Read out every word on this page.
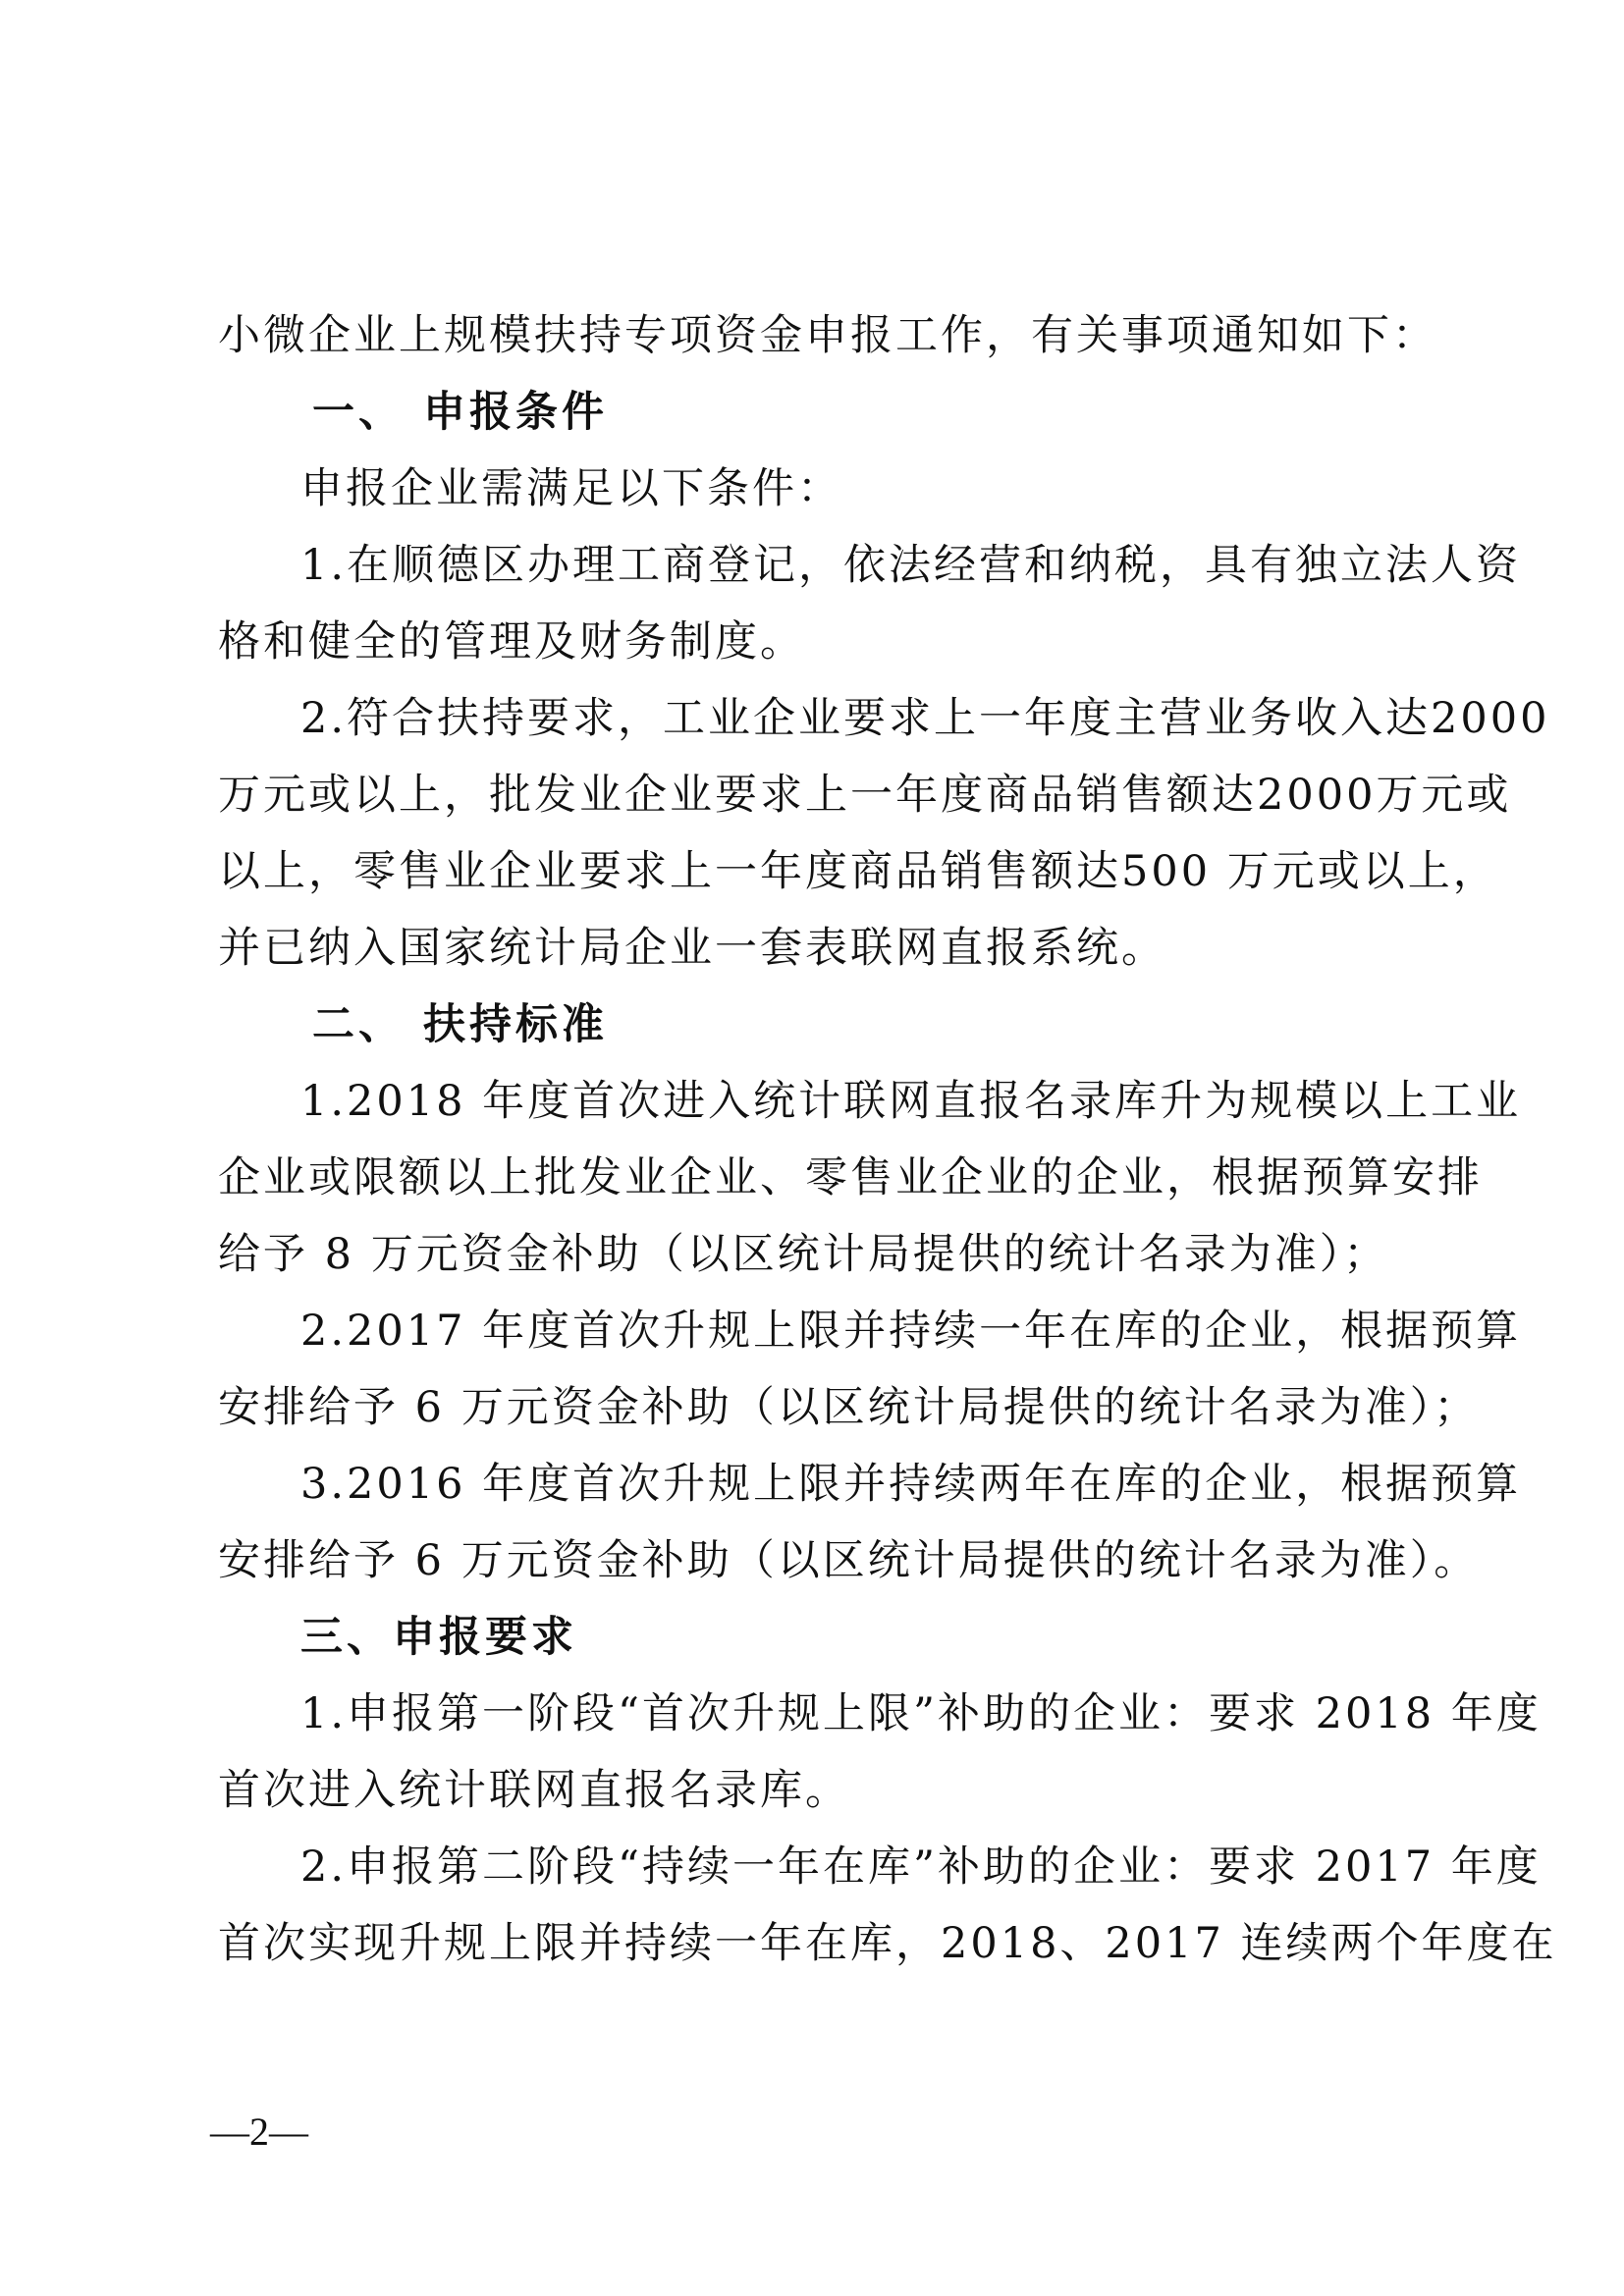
小微企业上规模扶持专项资金申报工作，有关事项通知如下：
一、 申报条件
申报企业需满足以下条件：
1.在顺德区办理工商登记，依法经营和纳税，具有独立法人资
格和健全的管理及财务制度。
2.符合扶持要求，工业企业要求上一年度主营业务收入达2000
万元或以上，批发业企业要求上一年度商品销售额达2000万元或
以上，零售业企业要求上一年度商品销售额达500 万元或以上，
并已纳入国家统计局企业一套表联网直报系统。
二、 扶持标准
1.2018 年度首次进入统计联网直报名录库升为规模以上工业
企业或限额以上批发业企业、零售业企业的企业，根据预算安排
给予 8 万元资金补助（以区统计局提供的统计名录为准）；
2.2017 年度首次升规上限并持续一年在库的企业，根据预算
安排给予 6 万元资金补助（以区统计局提供的统计名录为准）；
3.2016 年度首次升规上限并持续两年在库的企业，根据预算
安排给予 6 万元资金补助（以区统计局提供的统计名录为准）。
三、申报要求
1.申报第一阶段“首次升规上限”补助的企业：要求 2018 年度
首次进入统计联网直报名录库。
2.申报第二阶段“持续一年在库”补助的企业：要求 2017 年度
首次实现升规上限并持续一年在库，2018、2017 连续两个年度在
—2—
